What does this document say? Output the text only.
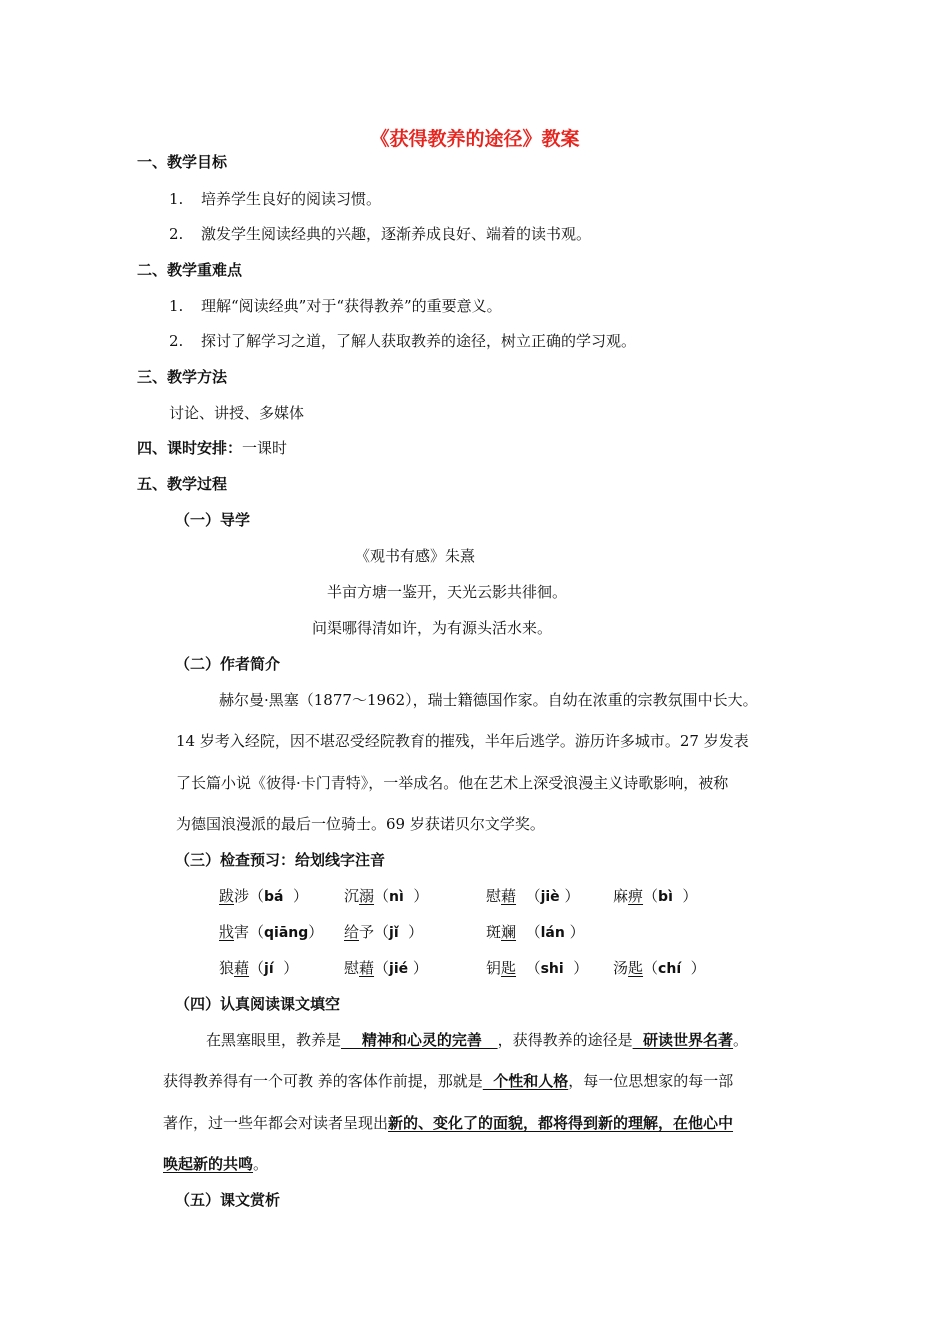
《获得教养的途径》教案
一、教学目标
1. 培养学生良好的阅读习惯。
2. 激发学生阅读经典的兴趣，逐渐养成良好、端着的读书观。
二、教学重难点
1. 理解“阅读经典”对于“获得教养”的重要意义。
2. 探讨了解学习之道，了解人获取教养的途径，树立正确的学习观。
三、教学方法
讨论、讲授、多媒体
四、课时安排：一课时
五、教学过程
（一）导学
《观书有感》朱熹
半亩方塘一鉴开，天光云影共徘徊。
问渠哪得清如许，为有源头活水来。
（二）作者简介
赫尔曼·黑塞（1877～1962），瑞士籍德国作家。自幼在浓重的宗教氛围中长大。
14 岁考入经院，因不堪忍受经院教育的摧残，半年后逃学。游历许多城市。27 岁发表
了长篇小说《彼得·卡门青特》，一举成名。他在艺术上深受浪漫主义诗歌影响，被称
为德国浪漫派的最后一位骑士。69 岁获诺贝尔文学奖。
（三）检查预习：给划线字注音
跋涉（bá  ） 沉溺（nì  ）	慰藉  （jiè ） 麻痹（bì  ）
戕害（qiāng） 给予（jǐ  ）	斑斓  （lán ）
狼藉（jí  ）	慰藉（jié ）	钥匙  （shi  ） 汤匙（chí  ）
（四）认真阅读课文填空
在黑塞眼里，教养是    精神和心灵的完善   ，获得教养的途径是  研读世界名著。
获得教养得有一个可教 养的客体作前提，那就是  个性和人格，每一位思想家的每一部
著作，过一些年都会对读者呈现出新的、变化了的面貌，都将得到新的理解，在他心中
唤起新的共鸣。
（五）课文赏析
